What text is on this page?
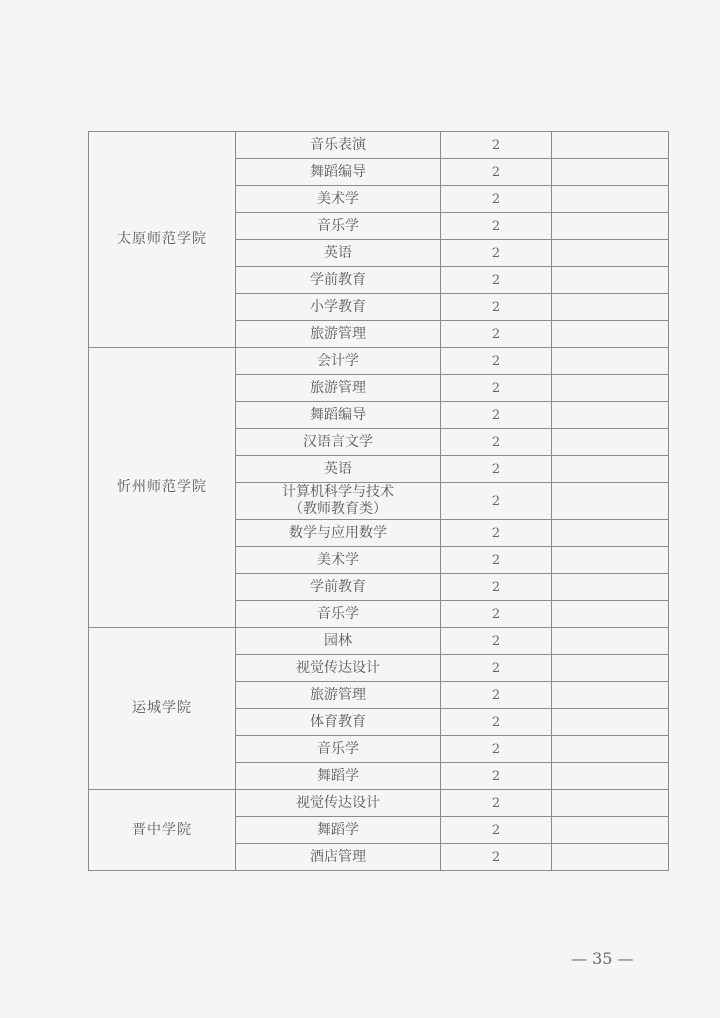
太原师范学院	音乐表演	2	
	舞蹈编导	2	
	美术学	2	
	音乐学	2	
	英语	2	
	学前教育	2	
	小学教育	2	
	旅游管理	2	
忻州师范学院	会计学	2	
	旅游管理	2	
	舞蹈编导	2	
	汉语言文学	2	
	英语	2	
	计算机科学与技术
（教师教育类）	2	
	数学与应用数学	2	
	美术学	2	
	学前教育	2	
	音乐学	2	
运城学院	园林	2	
	视觉传达设计	2	
	旅游管理	2	
	体育教育	2	
	音乐学	2	
	舞蹈学	2	
晋中学院	视觉传达设计	2	
	舞蹈学	2	
	酒店管理	2	
— 35 —
